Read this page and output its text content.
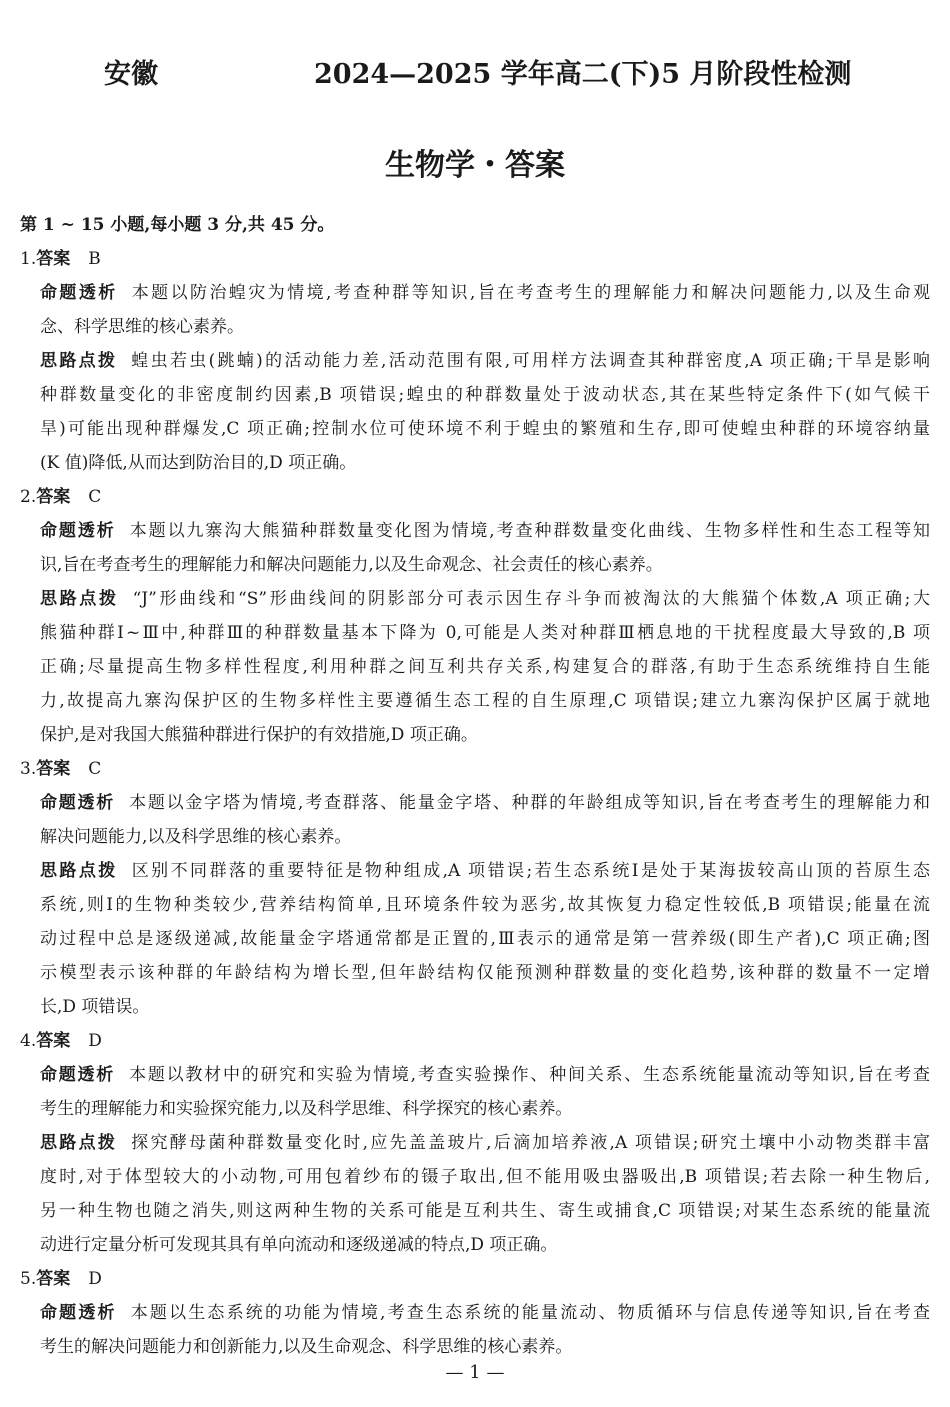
安徽	2024—2025 学年高二(下)5 月阶段性检测
生物学・答案
第 1 ~ 15 小题,每小题 3 分,共 45 分。
1.答案 B
命题透析 本题以防治蝗灾为情境,考查种群等知识,旨在考查考生的理解能力和解决问题能力,以及生命观
念、科学思维的核心素养。
思路点拨 蝗虫若虫(跳蝻)的活动能力差,活动范围有限,可用样方法调查其种群密度,A 项正确;干旱是影响
种群数量变化的非密度制约因素,B 项错误;蝗虫的种群数量处于波动状态,其在某些特定条件下(如气候干
旱)可能出现种群爆发,C 项正确;控制水位可使环境不利于蝗虫的繁殖和生存,即可使蝗虫种群的环境容纳量
(K 值)降低,从而达到防治目的,D 项正确。
2.答案 C
命题透析 本题以九寨沟大熊猫种群数量变化图为情境,考查种群数量变化曲线、生物多样性和生态工程等知
识,旨在考查考生的理解能力和解决问题能力,以及生命观念、社会责任的核心素养。
思路点拨 “J”形曲线和“S”形曲线间的阴影部分可表示因生存斗争而被淘汰的大熊猫个体数,A 项正确;大
熊猫种群Ⅰ~Ⅲ中,种群Ⅲ的种群数量基本下降为 0,可能是人类对种群Ⅲ栖息地的干扰程度最大导致的,B 项
正确;尽量提高生物多样性程度,利用种群之间互利共存关系,构建复合的群落,有助于生态系统维持自生能
力,故提高九寨沟保护区的生物多样性主要遵循生态工程的自生原理,C 项错误;建立九寨沟保护区属于就地
保护,是对我国大熊猫种群进行保护的有效措施,D 项正确。
3.答案 C
命题透析 本题以金字塔为情境,考查群落、能量金字塔、种群的年龄组成等知识,旨在考查考生的理解能力和
解决问题能力,以及科学思维的核心素养。
思路点拨 区别不同群落的重要特征是物种组成,A 项错误;若生态系统Ⅰ是处于某海拔较高山顶的苔原生态
系统,则Ⅰ的生物种类较少,营养结构简单,且环境条件较为恶劣,故其恢复力稳定性较低,B 项错误;能量在流
动过程中总是逐级递减,故能量金字塔通常都是正置的,Ⅲ表示的通常是第一营养级(即生产者),C 项正确;图
示模型表示该种群的年龄结构为增长型,但年龄结构仅能预测种群数量的变化趋势,该种群的数量不一定增
长,D 项错误。
4.答案 D
命题透析 本题以教材中的研究和实验为情境,考查实验操作、种间关系、生态系统能量流动等知识,旨在考查
考生的理解能力和实验探究能力,以及科学思维、科学探究的核心素养。
思路点拨 探究酵母菌种群数量变化时,应先盖盖玻片,后滴加培养液,A 项错误;研究土壤中小动物类群丰富
度时,对于体型较大的小动物,可用包着纱布的镊子取出,但不能用吸虫器吸出,B 项错误;若去除一种生物后,
另一种生物也随之消失,则这两种生物的关系可能是互利共生、寄生或捕食,C 项错误;对某生态系统的能量流
动进行定量分析可发现其具有单向流动和逐级递减的特点,D 项正确。
5.答案 D
命题透析 本题以生态系统的功能为情境,考查生态系统的能量流动、物质循环与信息传递等知识,旨在考查
考生的解决问题能力和创新能力,以及生命观念、科学思维的核心素养。
— 1 —
